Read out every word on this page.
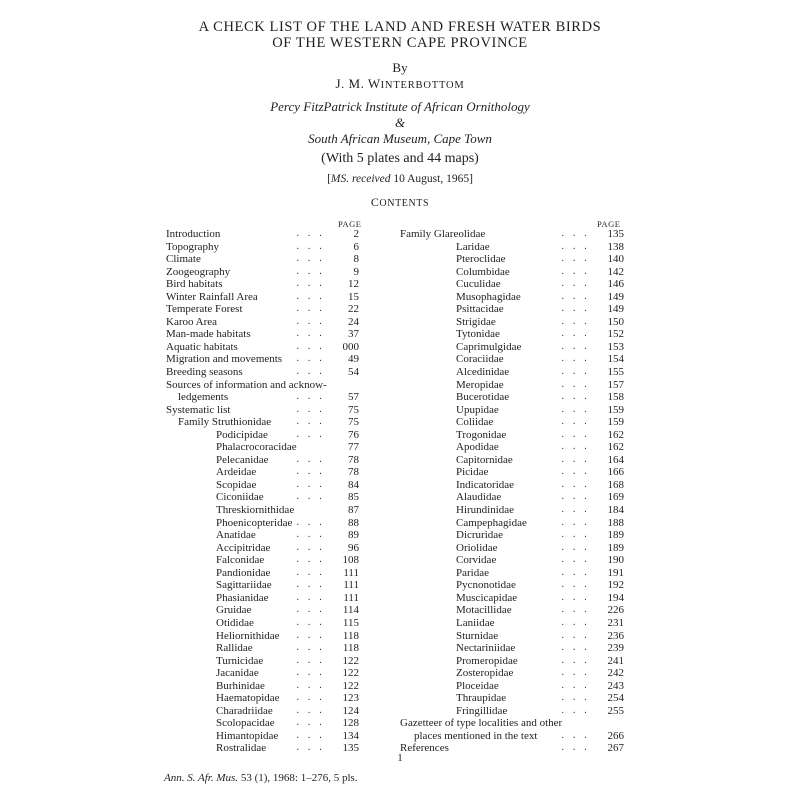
A CHECK LIST OF THE LAND AND FRESH WATER BIRDS
OF THE WESTERN CAPE PROVINCE
By
J. M. WINTERBOTTOM
Percy FitzPatrick Institute of African Ornithology
&
South African Museum, Cape Town
(With 5 plates and 44 maps)
[MS. received 10 August, 1965]
CONTENTS
PAGE	PAGE
Introduction	. . .	2
Topography	. . .	6
Climate	. . .	8
Zoogeography	. . .	9
Bird habitats	. . . 12
Winter Rainfall Area	. . . 15
Temperate Forest	. . . 22
Karoo Area	. . . 24
Man-made habitats	. . . 37
Aquatic habitats	. . . 000
Migration and movements . . . 49
Breeding seasons	. . . 54
Sources of information and acknow-
ledgements	. . . 57
Systematic list	. . . 75
Family Struthionidae	. . . 75
Podicipidae	. . . 76
Phalacrocoracidae	77
Pelecanidae	. . . 78
Ardeidae	. . . 78
Scopidae	. . . 84
Ciconiidae	. . . 85
Threskiornithidae	87
Phoenicopteridae . . . 88
Anatidae	. . . 89
Accipitridae	. . . 96
Falconidae	. . . 108
Pandionidae	. . . 111
Sagittariidae . . . 111
Phasianidae	. . . 111
Gruidae	. . . 114
Otididae	. . . 115
Heliornithidae . . . 118
Rallidae	. . . 118
Turnicidae	. . . 122
Jacanidae	. . . 122
Burhinidae	. . . 122
Haematopidae . . . 123
Charadriidae . . . 124
Scolopacidae . . . 128
Himantopidae . . . 134
Rostralidae	. . . 135
Family Glareolidae	. . . 135
Laridae	. . . 138
Pteroclidae	. . . 140
Columbidae	. . . 142
Cuculidae	. . . 146
Musophagidae	. . . 149
Psittacidae	. . . 149
Strigidae	. . . 150
Tytonidae	. . . 152
Caprimulgidae	. . . 153
Coraciidae	. . . 154
Alcedinidae	. . . 155
Meropidae	. . . 157
Bucerotidae	. . . 158
Upupidae	. . . 159
Coliidae	. . . 159
Trogonidae	. . . 162
Apodidae	. . . 162
Capitornidae	. . . 164
Picidae	. . . 166
Indicatoridae	. . . 168
Alaudidae	. . . 169
Hirundinidae	. . . 184
Campephagidae	. . . 188
Dicruridae	. . . 189
Oriolidae	. . . 189
Corvidae	. . . 190
Paridae	. . . 191
Pycnonotidae	. . . 192
Muscicapidae	. . . 194
Motacillidae	. . . 226
Laniidae	. . . 231
Sturnidae	. . . 236
Nectariniidae	. . . 239
Promeropidae	. . . 241
Zosteropidae	. . . 242
Ploceidae	. . . 243
Thraupidae	. . . 254
Fringillidae	. . . 255
Gazetteer of type localities and other
places mentioned in the text . . . 266
References	. . . 267
1
Ann. S. Afr. Mus. 53 (1), 1968: 1–276, 5 pls.
